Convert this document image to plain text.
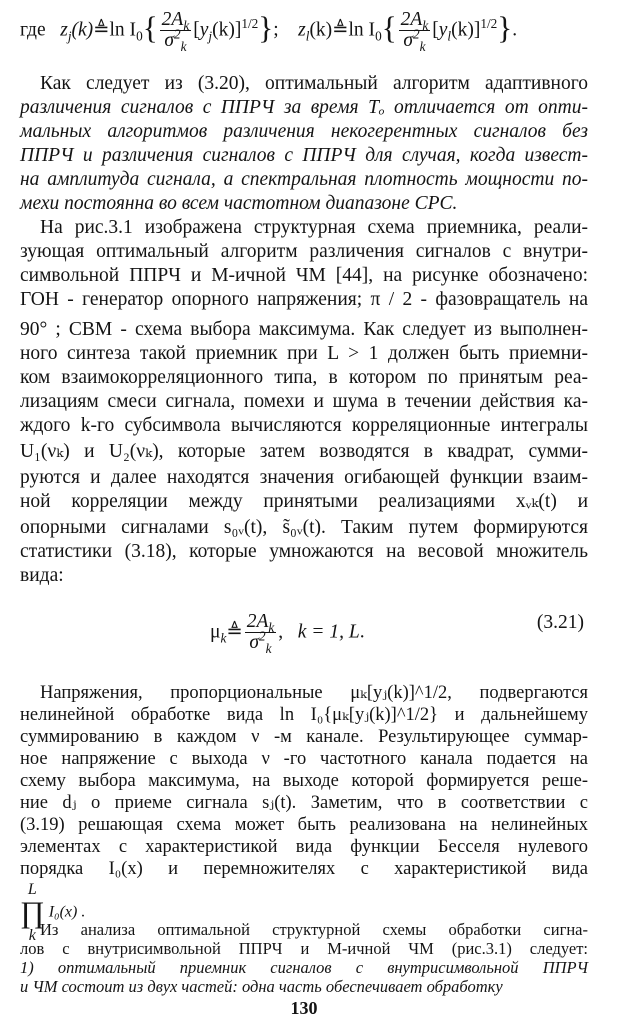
где $z_j(k)≜\ln$ $I_0\{ \frac{2A_k}{\sigma^2_k} [y_j(k)]^{1/2}\}$; $z_l(k)≜\ln$ $I_0\{ \frac{2A_k}{\sigma^2_k} [y_l(k)]^{1/2}\}$.
Как следует из (3.20), оптимальный алгоритм адаптивного
различения сигналов с ППРЧ за время Tₒ отличается от опти-
мальных алгоритмов различения некогерентных сигналов без
ППРЧ и различения сигналов с ППРЧ для случая, когда извест-
на амплитуда сигнала, а спектральная плотность мощности по-
мехи постоянна во всем частотном диапазоне СРС.
На рис.3.1 изображена структурная схема приемника, реали-
зующая оптимальный алгоритм различения сигналов с внутри-
символьной ППРЧ и M-ичной ЧМ [44], на рисунке обозначено:
ГОН - генератор опорного напряжения; π / 2 - фазовращатель на
90° ; СВМ - схема выбора максимума. Как следует из выполнен-
ного синтеза такой приемник при L > 1 должен быть приемни-
ком взаимокорреляционного типа, в котором по принятым реа-
лизациям смеси сигнала, помехи и шума в течении действия ка-
ждого k-го субсимвола вычисляются корреляционные интегралы
U₁(νₖ) и U₂(νₖ), которые затем возводятся в квадрат, сумми-
руются и далее находятся значения огибающей функции взаим-
ной корреляции между принятыми реализациями xᵥₖ(t) и
опорными сигналами s₀ᵥ(t), s̃₀ᵥ(t). Таким путем формируются
статистики (3.18), которые умножаются на весовой множитель
вида:
$\mu_k≜ \frac{2A_k}{\sigma^2_k}$ ,   k = 1, L.	(3.21)
Напряжения, пропорциональные μₖ[yⱼ(k)]^1/2, подвергаются
нелинейной обработке вида ln I₀{μₖ[yⱼ(k)]^1/2} и дальнейшему
суммированию в каждом ν -м канале. Результирующее суммар-
ное напряжение с выхода ν -го частотного канала подается на
схему выбора максимума, на выходе которой формируется реше-
ние dⱼ о приеме сигнала sⱼ(t). Заметим, что в соответствии с
(3.19) решающая схема может быть реализована на нелинейных
элементах с характеристикой вида функции Бесселя нулевого
порядка I₀(x) и перемножителях с характеристикой вида
L
∏
k I₀(x) .
Из анализа оптимальной структурной схемы обработки сигна-
130
лов с внутрисимвольной ППРЧ и M-ичной ЧМ (рис.3.1) следует:
1) оптимальный приемник сигналов с внутрисимвольной ППРЧ
и ЧМ состоит из двух частей: одна часть обеспечивает обработку
